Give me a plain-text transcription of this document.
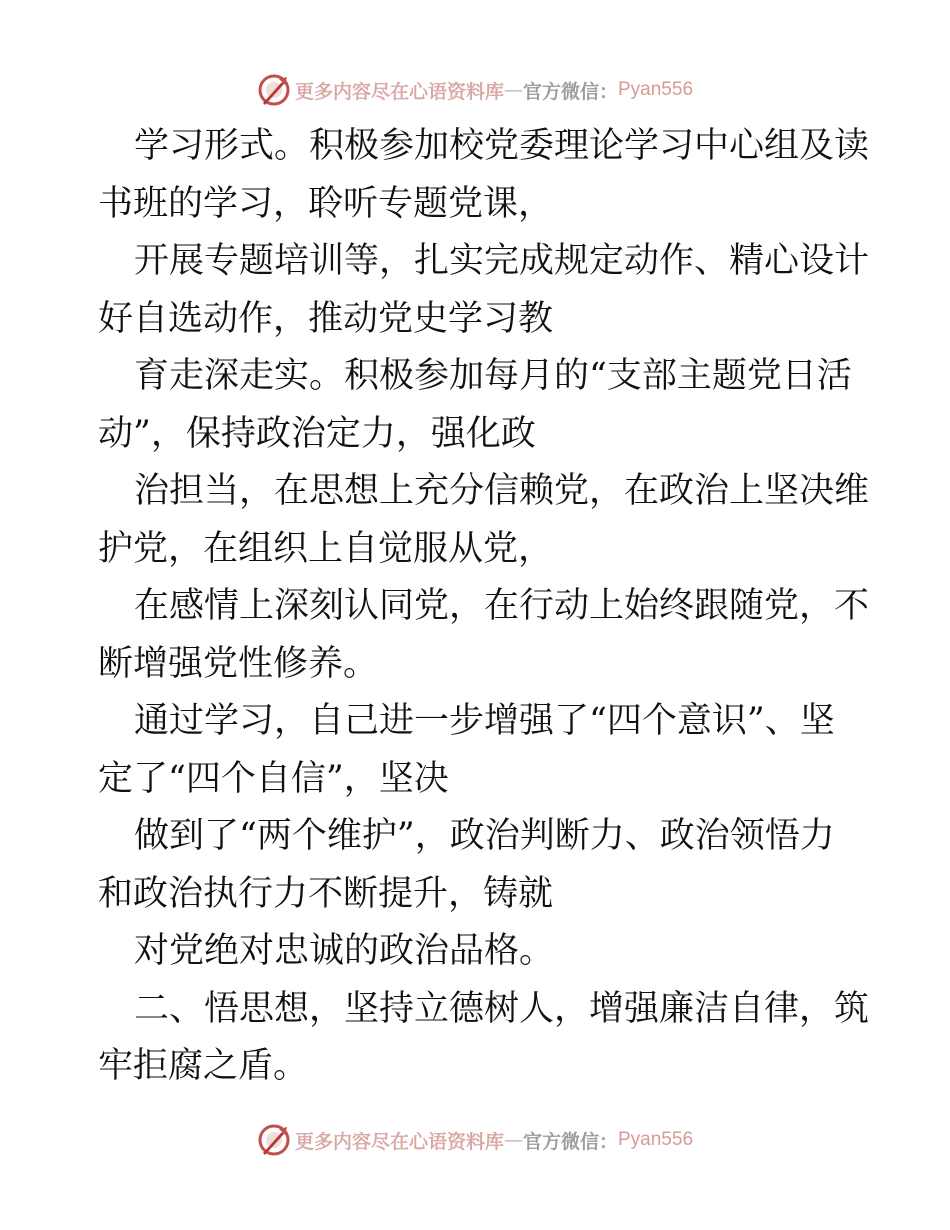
更多内容尽在心语资料库 — 官方微信： Pyan556
学习形式。积极参加校党委理论学习中心组及读
书班的学习，聆听专题党课，
开展专题培训等，扎实完成规定动作、精心设计
好自选动作，推动党史学习教
育走深走实。积极参加每月的“支部主题党日活
动”，保持政治定力，强化政
治担当，在思想上充分信赖党，在政治上坚决维
护党，在组织上自觉服从党，
在感情上深刻认同党，在行动上始终跟随党，不
断增强党性修养。
通过学习，自己进一步增强了“四个意识”、坚
定了“四个自信”，坚决
做到了“两个维护”，政治判断力、政治领悟力
和政治执行力不断提升，铸就
对党绝对忠诚的政治品格。
二、悟思想，坚持立德树人，增强廉洁自律，筑
牢拒腐之盾。
更多内容尽在心语资料库 — 官方微信： Pyan556
